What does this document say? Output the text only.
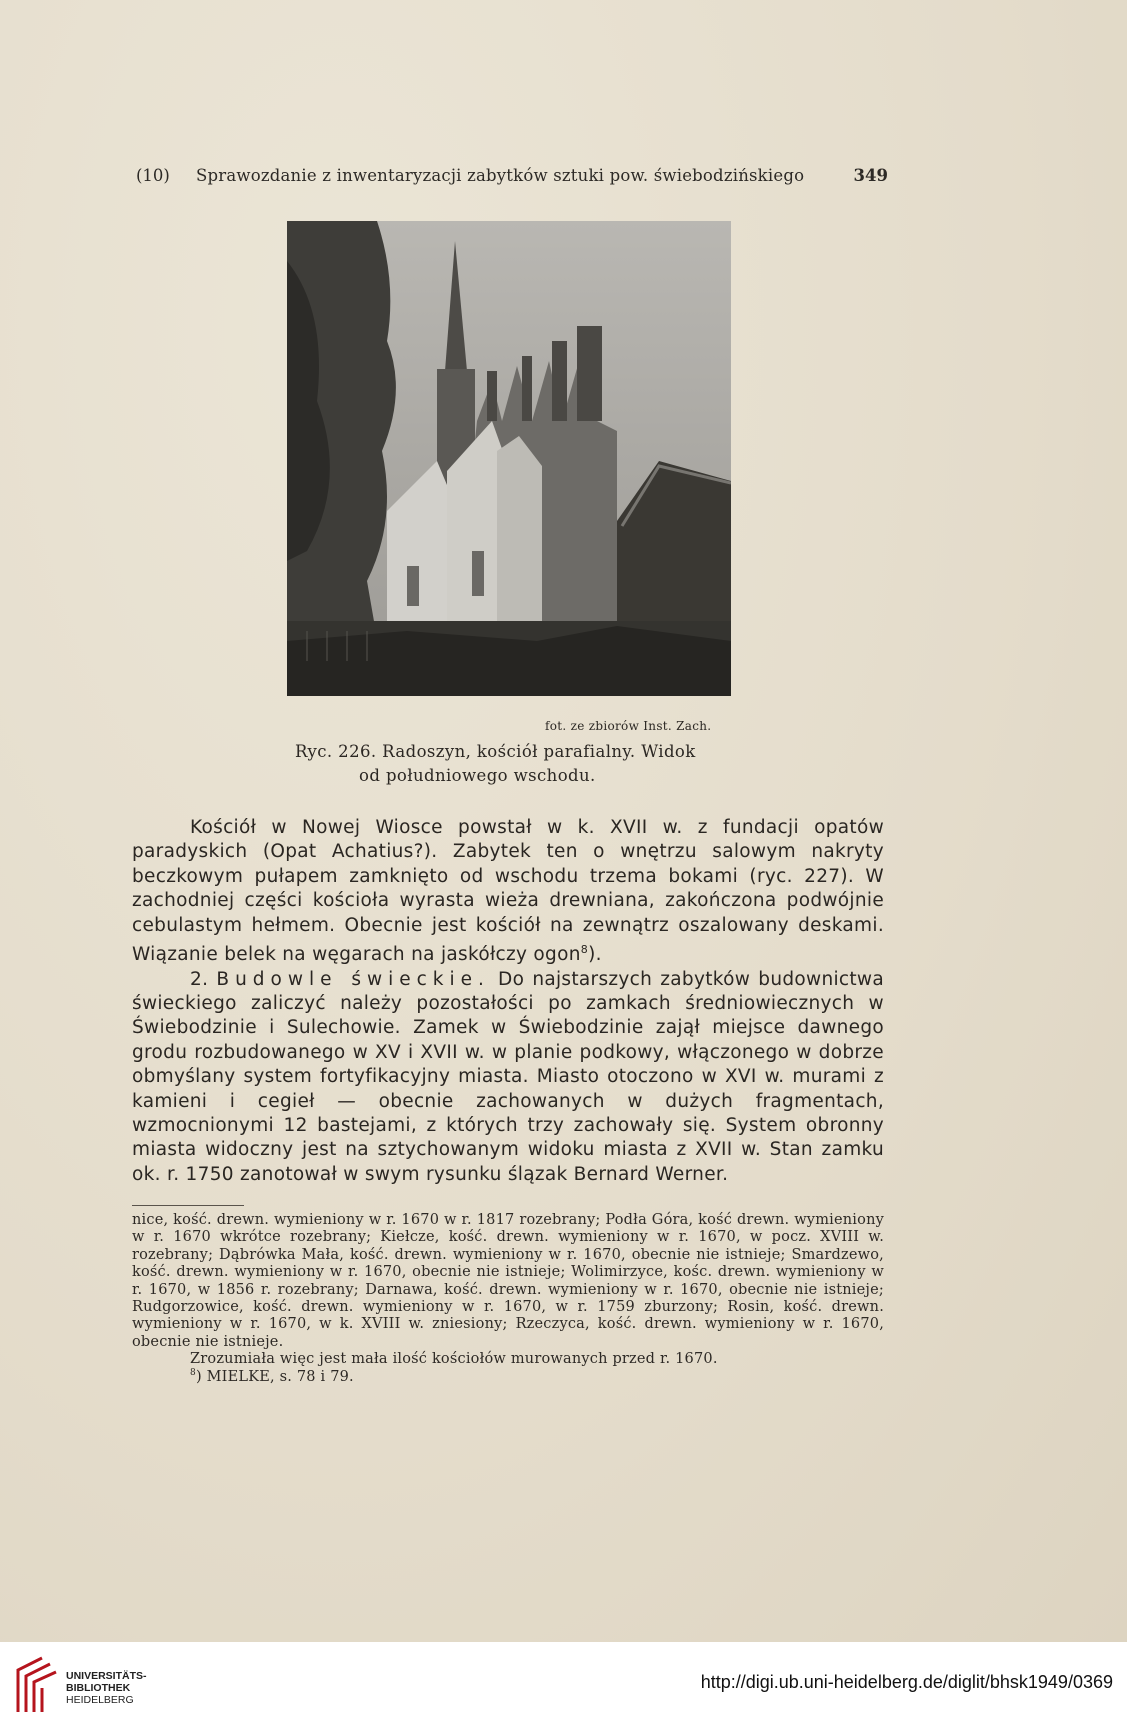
(10) Sprawozdanie z inwentaryzacji zabytków sztuki pow. świebodzińskiego	349
fot. ze zbiorów Inst. Zach.
Ryc. 226. Radoszyn, kościół parafialny. Widok
od południowego wschodu.

Kościół w Nowej Wiosce powstał w k. XVII w. z fundacji opatów paradyskich (Opat Achatius?). Zabytek ten o wnętrzu salowym nakryty beczkowym pułapem zamknięto od wschodu trzema bokami (ryc. 227). W zachodniej części kościoła wyrasta wieża drewniana, zakończona podwójnie cebulastym hełmem. Obecnie jest kościół na zewnątrz oszalowany deskami. Wiązanie belek na węgarach na jaskółczy ogon$^8$).

2. Budowle świeckie. Do najstarszych zabytków budownictwa świeckiego zaliczyć należy pozostałości po zamkach średniowiecznych w Świebodzinie i Sulechowie. Zamek w Świebodzinie zajął miejsce dawnego grodu rozbudowanego w XV i XVII w. w planie podkowy, włączonego w dobrze obmyślany system fortyfikacyjny miasta. Miasto otoczono w XVI w. murami z kamieni i cegieł — obecnie zachowanych w dużych fragmentach, wzmocnionymi 12 bastejami, z których trzy zachowały się. System obronny miasta widoczny jest na sztychowanym widoku miasta z XVII w. Stan zamku ok. r. 1750 zanotował w swym rysunku ślązak Bernard Werner.

nice, kość. drewn. wymieniony w r. 1670 w r. 1817 rozebrany; Podła Góra, kość drewn. wymieniony w r. 1670 wkrótce rozebrany; Kiełcze, kość. drewn. wymieniony w r. 1670, w pocz. XVIII w. rozebrany; Dąbrówka Mała, kość. drewn. wymieniony w r. 1670, obecnie nie istnieje; Smardzewo, kość. drewn. wymieniony w r. 1670, obecnie nie istnieje; Wolimirzyce, kośc. drewn. wymieniony w r. 1670, w 1856 r. rozebrany; Darnawa, kość. drewn. wymieniony w r. 1670, obecnie nie istnieje; Rudgorzowice, kość. drewn. wymieniony w r. 1670, w r. 1759 zburzony; Rosin, kość. drewn. wymieniony w r. 1670, w k. XVIII w. zniesiony; Rzeczyca, kość. drewn. wymieniony w r. 1670, obecnie nie istnieje.

Zrozumiała więc jest mała ilość kościołów murowanych przed r. 1670.

$^8$) MIELKE, s. 78 i 79.

UNIVERSITÄTS-
BIBLIOTHEK
HEIDELBERG
http://digi.ub.uni-heidelberg.de/diglit/bhsk1949/0369
